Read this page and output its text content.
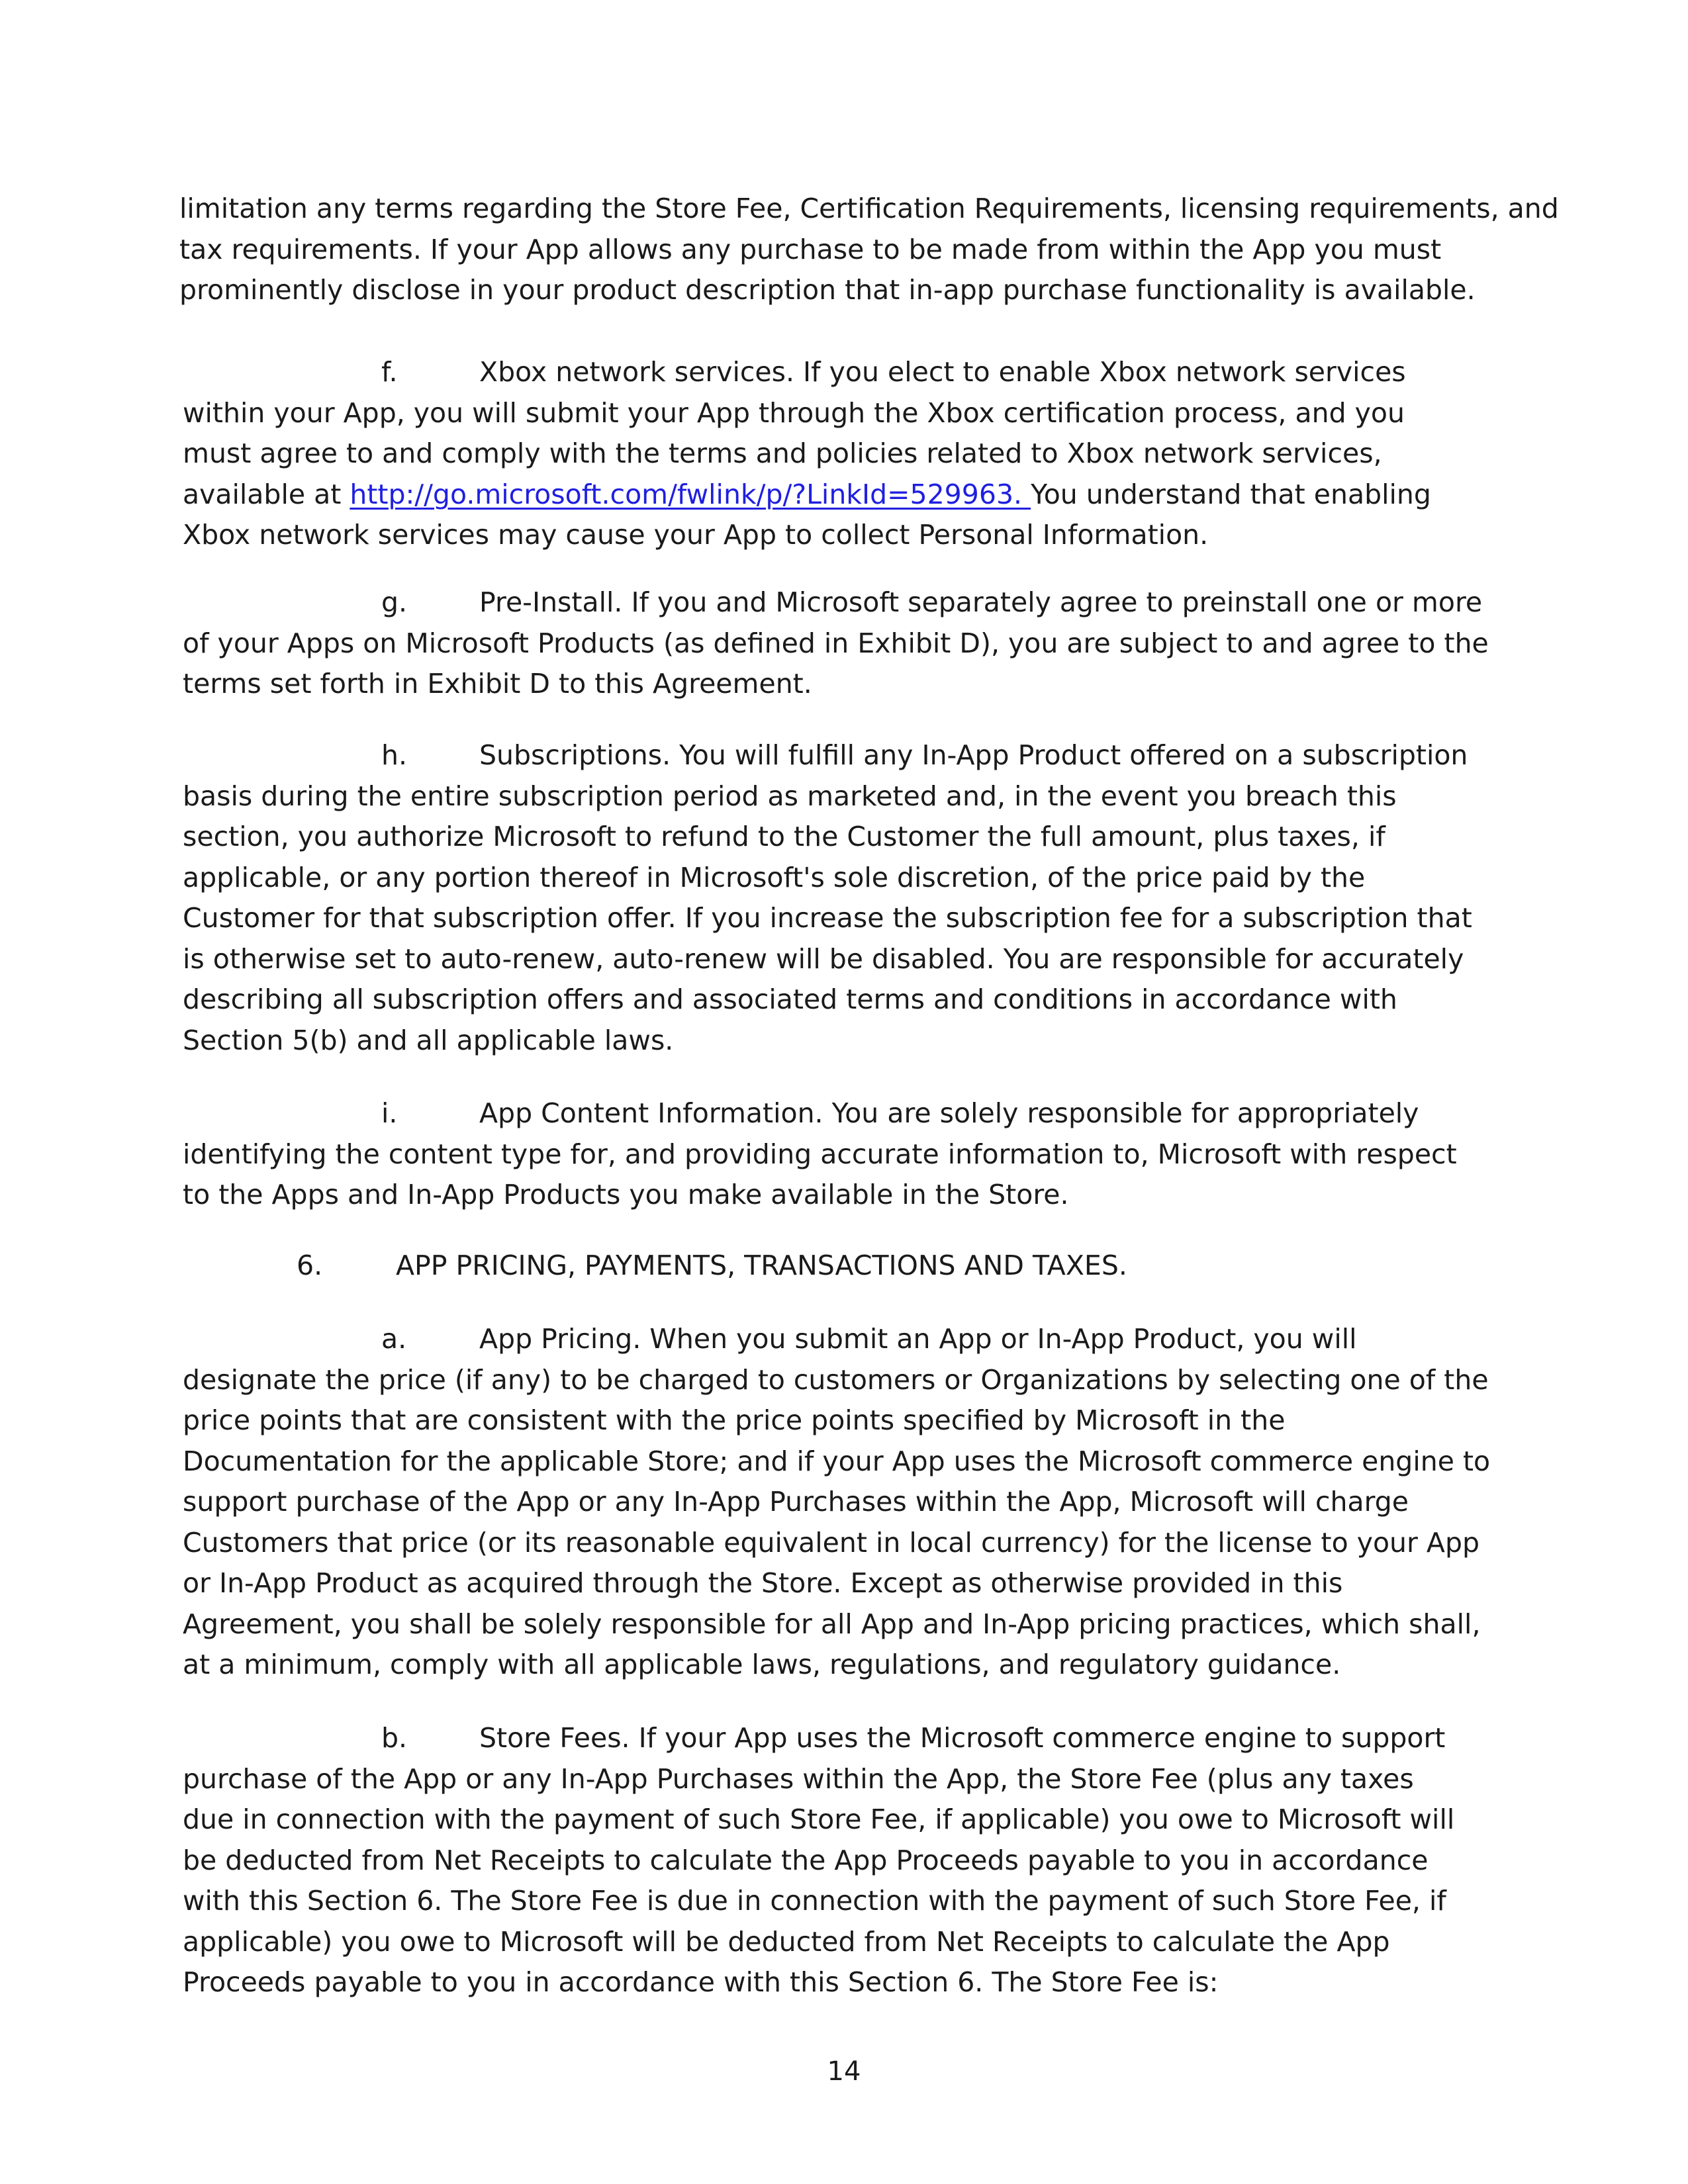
limitation any terms regarding the Store Fee, Certification Requirements, licensing requirements, and
tax requirements. If your App allows any purchase to be made from within the App you must
prominently disclose in your product description that in-app purchase functionality is available.

f.	Xbox network services. If you elect to enable Xbox network services
within your App, you will submit your App through the Xbox certification process, and you
must agree to and comply with the terms and policies related to Xbox network services,
available at http://go.microsoft.com/fwlink/p/?LinkId=529963. You understand that enabling
Xbox network services may cause your App to collect Personal Information.

g.	Pre-Install. If you and Microsoft separately agree to preinstall one or more
of your Apps on Microsoft Products (as defined in Exhibit D), you are subject to and agree to the
terms set forth in Exhibit D to this Agreement.

h.	Subscriptions. You will fulfill any In-App Product offered on a subscription
basis during the entire subscription period as marketed and, in the event you breach this
section, you authorize Microsoft to refund to the Customer the full amount, plus taxes, if
applicable, or any portion thereof in Microsoft's sole discretion, of the price paid by the
Customer for that subscription offer. If you increase the subscription fee for a subscription that
is otherwise set to auto-renew, auto-renew will be disabled. You are responsible for accurately
describing all subscription offers and associated terms and conditions in accordance with
Section 5(b) and all applicable laws.

i.	App Content Information. You are solely responsible for appropriately
identifying the content type for, and providing accurate information to, Microsoft with respect
to the Apps and In-App Products you make available in the Store.

6.	APP PRICING, PAYMENTS, TRANSACTIONS AND TAXES.

a.	App Pricing. When you submit an App or In-App Product, you will
designate the price (if any) to be charged to customers or Organizations by selecting one of the
price points that are consistent with the price points specified by Microsoft in the
Documentation for the applicable Store; and if your App uses the Microsoft commerce engine to
support purchase of the App or any In-App Purchases within the App, Microsoft will charge
Customers that price (or its reasonable equivalent in local currency) for the license to your App
or In-App Product as acquired through the Store. Except as otherwise provided in this
Agreement, you shall be solely responsible for all App and In-App pricing practices, which shall,
at a minimum, comply with all applicable laws, regulations, and regulatory guidance.

b.	Store Fees. If your App uses the Microsoft commerce engine to support
purchase of the App or any In-App Purchases within the App, the Store Fee (plus any taxes
due in connection with the payment of such Store Fee, if applicable) you owe to Microsoft will
be deducted from Net Receipts to calculate the App Proceeds payable to you in accordance
with this Section 6. The Store Fee is due in connection with the payment of such Store Fee, if
applicable) you owe to Microsoft will be deducted from Net Receipts to calculate the App
Proceeds payable to you in accordance with this Section 6. The Store Fee is:

14
